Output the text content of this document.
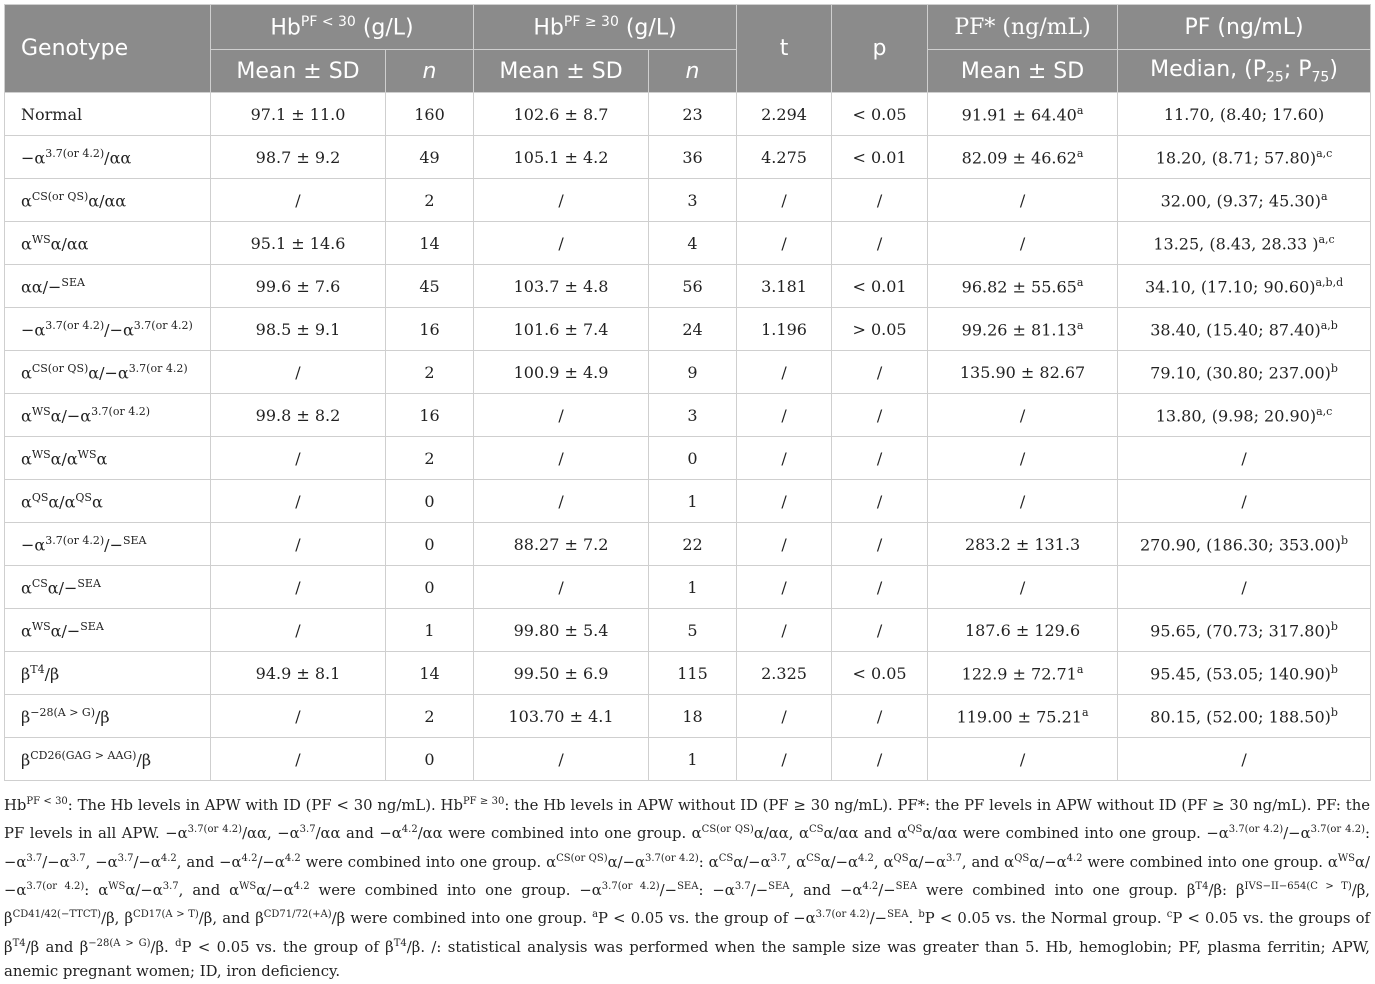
Genotype	$Hb^{PF < 30}$ (g/L)		$Hb^{PF \ge 30}$ (g/L)		t	p	PF* (ng/mL)	PF (ng/mL)
	Mean ± SD	n	Mean ± SD	n			Mean ± SD	Median, ($P_{25}$; $P_{75}$)
Normal	97.1 ± 11.0	160	102.6 ± 8.7	23	2.294	< 0.05	91.91 ± 64.40$^a$	11.70, (8.40; 17.60)
$-\alpha^{3.7(or 4.2)}/\alpha\alpha$	98.7 ± 9.2	49	105.1 ± 4.2	36	4.275	< 0.01	82.09 ± 46.62$^a$	18.20, (8.71; 57.80)$^{a,c}$
$\alpha^{CS(or QS)}\alpha/\alpha\alpha$	/	2	/	3	/	/	/	32.00, (9.37; 45.30)$^a$
$\alpha^{WS}\alpha/\alpha\alpha$	95.1 ± 14.6	14	/	4	/	/	/	13.25, (8.43, 28.33 )$^{a,c}$
αα/−$^{SEA}$	99.6 ± 7.6	45	103.7 ± 4.8	56	3.181	< 0.01	96.82 ± 55.65$^a$	34.10, (17.10; 90.60)$^{a,b,d}$
$-\alpha^{3.7(or 4.2)}/-\alpha^{3.7(or 4.2)}$	98.5 ± 9.1	16	101.6 ± 7.4	24	1.196	> 0.05	99.26 ± 81.13$^a$	38.40, (15.40; 87.40)$^{a,b}$
$\alpha^{CS(or QS)}\alpha/-\alpha^{3.7(or 4.2)}$	/	2	100.9 ± 4.9	9	/	/	135.90 ± 82.67	79.10, (30.80; 237.00)$^b$
$\alpha^{WS}\alpha/-\alpha^{3.7(or 4.2)}$	99.8 ± 8.2	16	/	3	/	/	/	13.80, (9.98; 20.90)$^{a,c}$
$\alpha^{WS}\alpha/\alpha^{WS}\alpha$	/	2	/	0	/	/	/	/
$\alpha^{QS}\alpha/\alpha^{QS}\alpha$	/	0	/	1	/	/	/	/
$-\alpha^{3.7(or 4.2)}/-^{SEA}$	/	0	88.27 ± 7.2	22	/	/	283.2 ± 131.3	270.90, (186.30; 353.00)$^b$
$\alpha^{CS}\alpha/-^{SEA}$	/	0	/	1	/	/	/	/
$\alpha^{WS}\alpha/-^{SEA}$	/	1	99.80 ± 5.4	5	/	/	187.6 ± 129.6	95.65, (70.73; 317.80)$^b$
$\beta^{T4}/\beta$	94.9 ± 8.1	14	99.50 ± 6.9	115	2.325	< 0.05	122.9 ± 72.71$^a$	95.45, (53.05; 140.90)$^b$
$\beta^{-28(A > G)}/\beta$	/	2	103.70 ± 4.1	18	/	/	119.00 ± 75.21$^a$	80.15, (52.00; 188.50)$^b$
$\beta^{CD26(GAG > AAG)}/\beta$	/	0	/	1	/	/	/	/
$Hb^{PF < 30}$: The Hb levels in APW with ID (PF < 30 ng/mL). $Hb^{PF \ge 30}$: the Hb levels in APW without ID (PF ≥ 30 ng/mL). PF*: the PF levels in APW without ID (PF ≥ 30 ng/mL). PF: the PF levels in all APW. $-\alpha^{3.7(or 4.2)}/\alpha\alpha$, $-\alpha^{3.7}/\alpha\alpha$ and $-\alpha^{4.2}/\alpha\alpha$ were combined into one group. $\alpha^{CS(or QS)}\alpha/\alpha\alpha$, $\alpha^{CS}\alpha/\alpha\alpha$ and $\alpha^{QS}\alpha/\alpha\alpha$ were combined into one group. $-\alpha^{3.7(or 4.2)}/-\alpha^{3.7(or 4.2)}$: $-\alpha^{3.7}/-\alpha^{3.7}$, $-\alpha^{3.7}/-\alpha^{4.2}$, and $-\alpha^{4.2}/-\alpha^{4.2}$ were combined into one group. $\alpha^{CS(or QS)}\alpha/-\alpha^{3.7(or 4.2)}$: $\alpha^{CS}\alpha/-\alpha^{3.7}$, $\alpha^{CS}\alpha/-\alpha^{4.2}$, $\alpha^{QS}\alpha/-\alpha^{3.7}$, and $\alpha^{QS}\alpha/-\alpha^{4.2}$ were combined into one group. $\alpha^{WS}\alpha/-\alpha^{3.7(or 4.2)}$: $\alpha^{WS}\alpha/-\alpha^{3.7}$, and $\alpha^{WS}\alpha/-\alpha^{4.2}$ were combined into one group. $-\alpha^{3.7(or 4.2)}/-^{SEA}$: $-\alpha^{3.7}/-^{SEA}$, and $-\alpha^{4.2}/-^{SEA}$ were combined into one group. $\beta^{T4}/\beta$: $\beta^{IVS-II-654(C > T)}/\beta$, $\beta^{CD41/42(-TTCT)}/\beta$, $\beta^{CD17(A > T)}/\beta$, and $\beta^{CD71/72(+A)}/\beta$ were combined into one group. $^a$P < 0.05 vs. the group of $-\alpha^{3.7(or 4.2)}/-^{SEA}$. $^b$P < 0.05 vs. the Normal group. $^c$P < 0.05 vs. the groups of $\beta^{T4}/\beta$ and $\beta^{-28(A > G)}/\beta$. $^d$P < 0.05 vs. the group of $\beta^{T4}/\beta$. /: statistical analysis was performed when the sample size was greater than 5. Hb, hemoglobin; PF, plasma ferritin; APW, anemic pregnant women; ID, iron deficiency.
